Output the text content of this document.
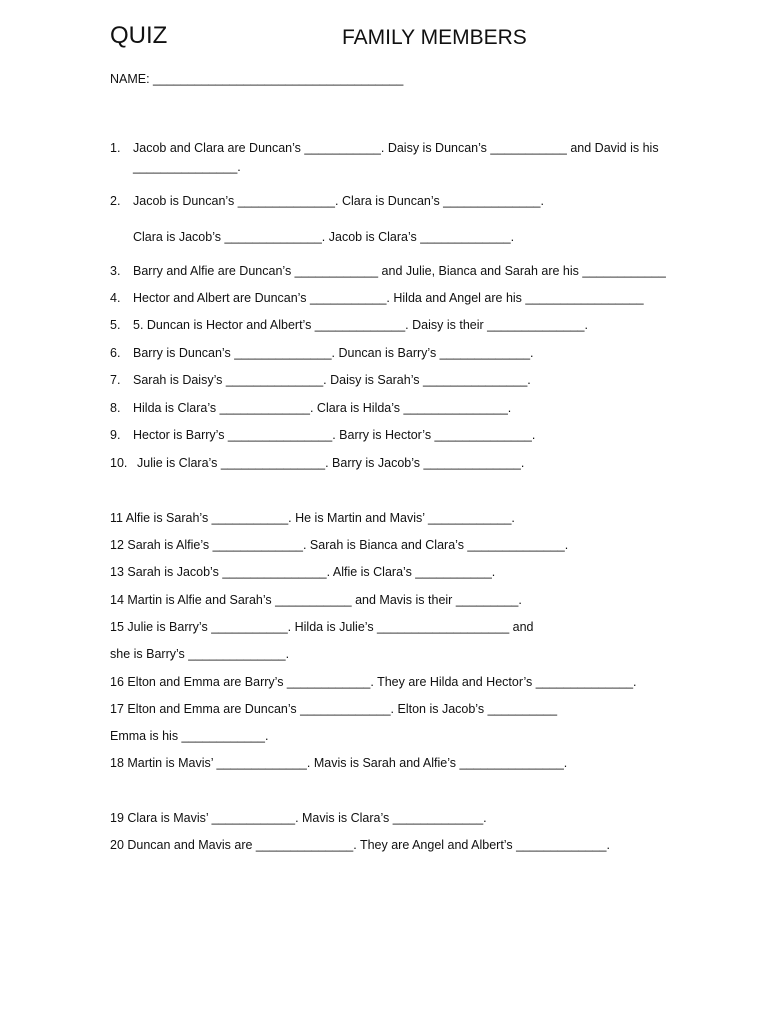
QUIZ	FAMILY MEMBERS
NAME: ____________________________________
1. Jacob and Clara are Duncan’s ___________. Daisy is Duncan’s ___________ and David is his
_______________.
2. Jacob is Duncan’s ______________. Clara is Duncan’s ______________.
Clara is Jacob’s ______________. Jacob is Clara’s _____________.
3. Barry and Alfie are Duncan’s ____________ and Julie, Bianca and Sarah are his ____________
4. Hector and Albert are Duncan’s ___________. Hilda and Angel are his _________________
5. 5. Duncan is Hector and Albert’s _____________. Daisy is their ______________.
6. Barry is Duncan’s ______________. Duncan is Barry’s _____________.
7. Sarah is Daisy’s ______________. Daisy is Sarah’s _______________.
8. Hilda is Clara’s _____________. Clara is Hilda’s _______________.
9. Hector is Barry’s _______________. Barry is Hector’s ______________.
10. Julie is Clara’s _______________. Barry is Jacob’s ______________.
11 Alfie is Sarah’s ___________. He is Martin and Mavis’ ____________.
12 Sarah is Alfie’s _____________. Sarah is Bianca and Clara’s ______________.
13 Sarah is Jacob’s _______________. Alfie is Clara’s ___________.
14 Martin is Alfie and Sarah’s ___________ and Mavis is their _________.
15 Julie is Barry’s ___________. Hilda is Julie’s ___________________ and
she is Barry’s ______________.
16 Elton and Emma are Barry’s ____________. They are Hilda and Hector’s ______________.
17 Elton and Emma are Duncan’s _____________. Elton is Jacob’s __________
Emma is his ____________.
18 Martin is Mavis’ _____________. Mavis is Sarah and Alfie’s _______________.
19 Clara is Mavis’ ____________. Mavis is Clara’s _____________.
20 Duncan and Mavis are ______________. They are Angel and Albert’s _____________.
